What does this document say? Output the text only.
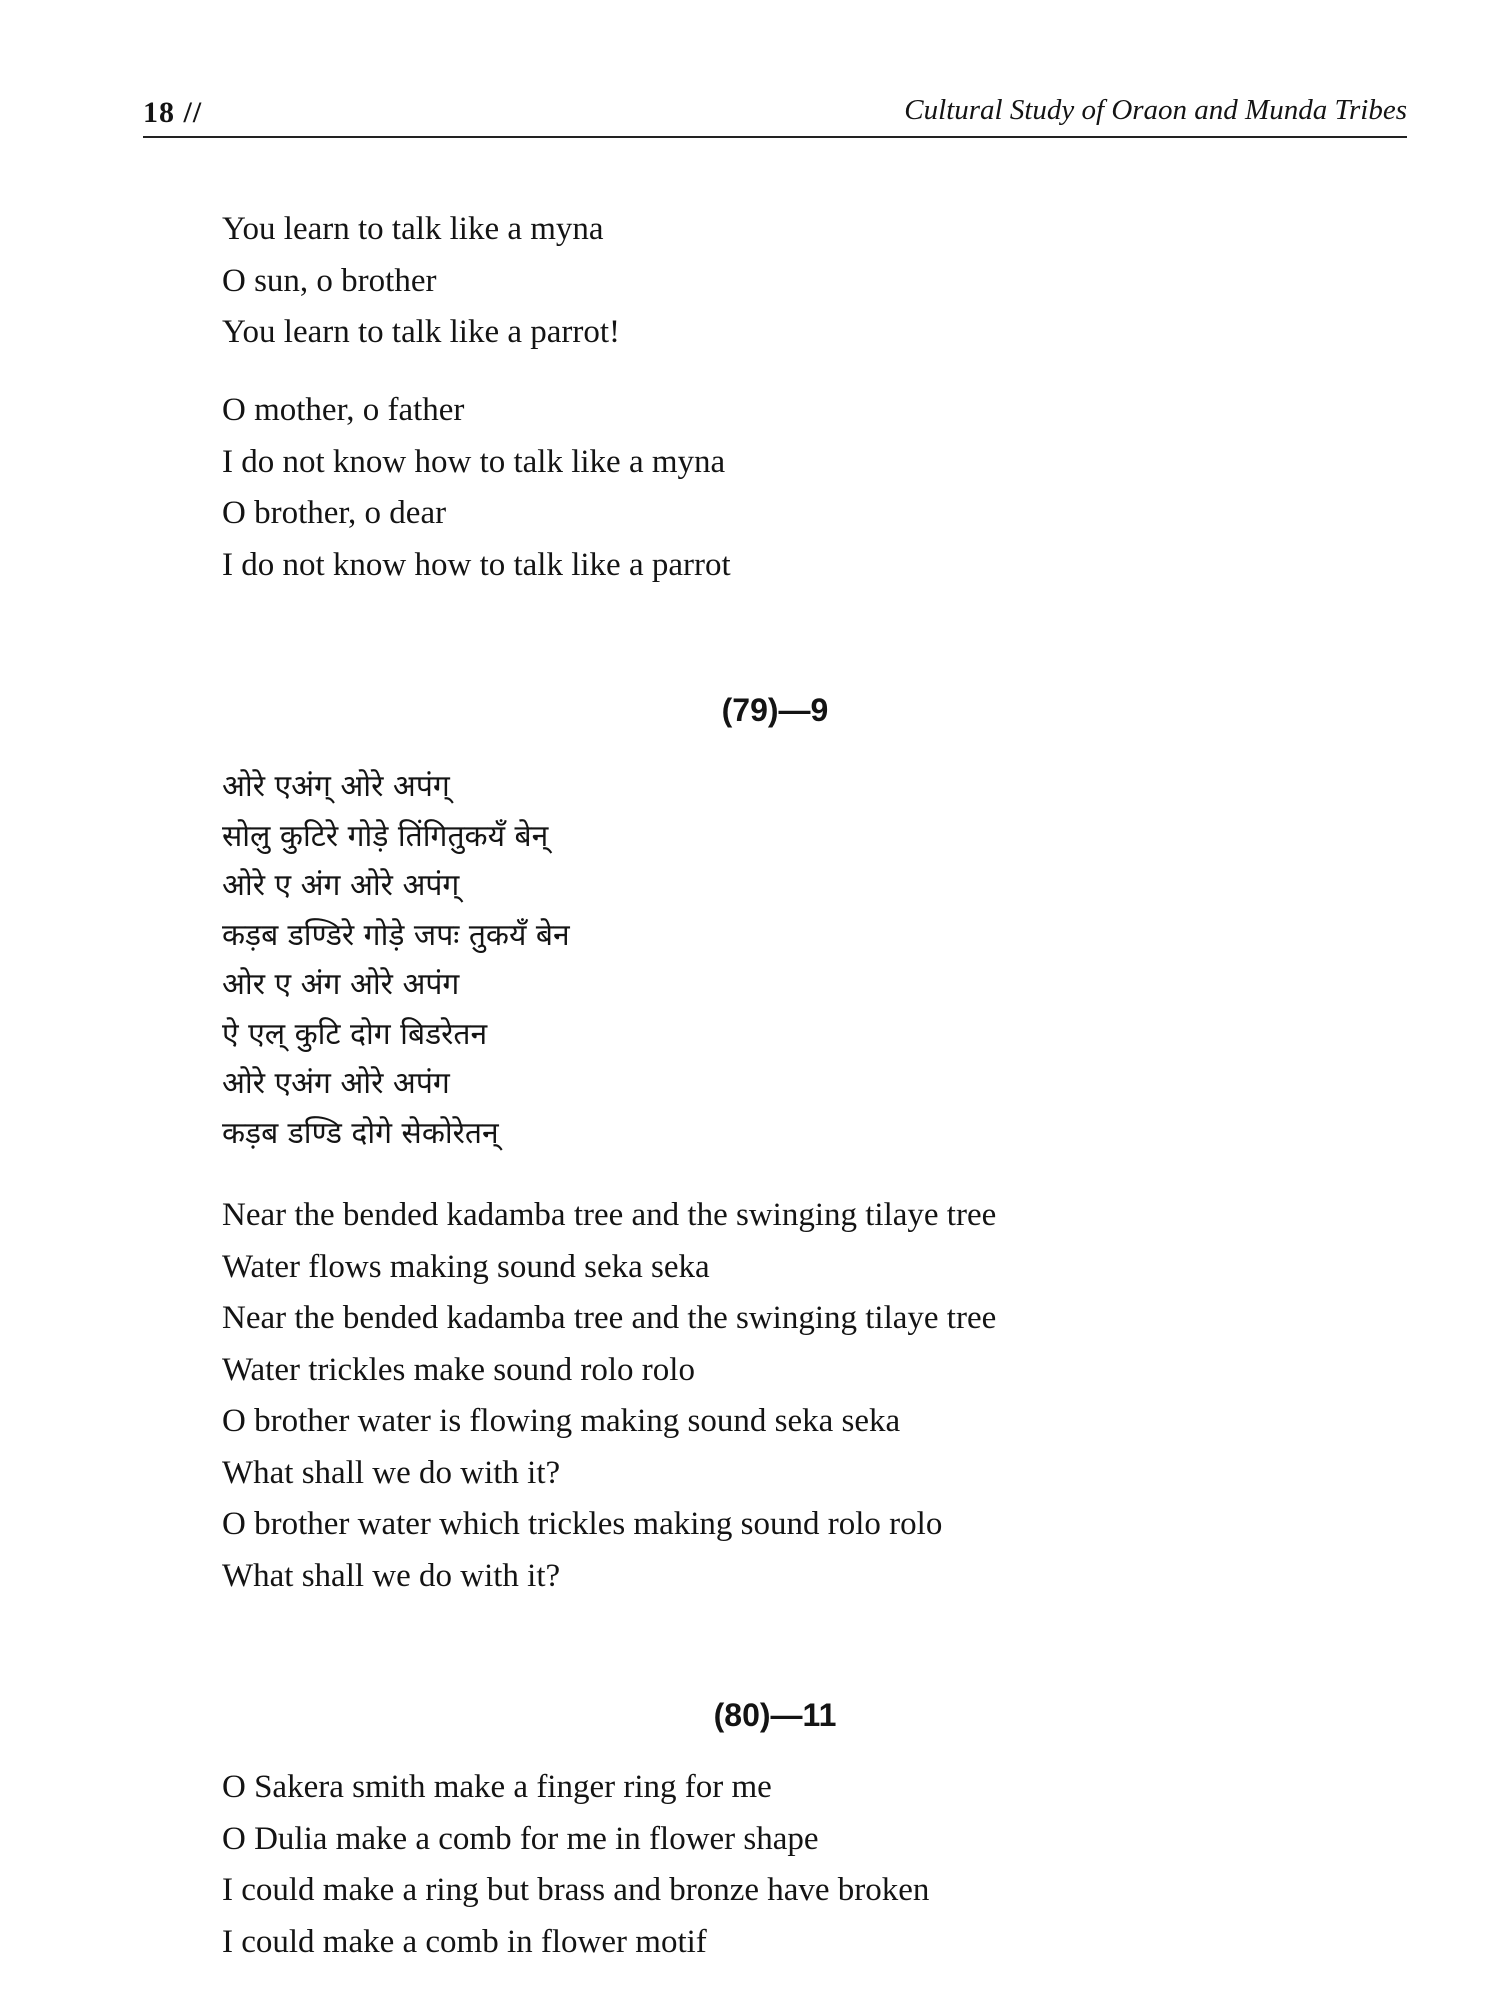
18 //	Cultural Study of Oraon and Munda Tribes
You learn to talk like a myna
O sun, o brother
You learn to talk like a parrot!
O mother, o father
I do not know how to talk like a myna
O brother, o dear
I do not know how to talk like a parrot
(79)—9
ओरे एअंग् ओरे अपंग्
सोलु कुटिरे गोड़े तिंगितुकयँ बेन्
ओरे ए अंग ओरे अपंग्
कड़ब डण्डिरे गोड़े जपः तुकयँ बेन
ओर ए अंग ओरे अपंग
ऐ एल् कुटि दोग बिडरेतन
ओरे एअंग ओरे अपंग
कड़ब डण्डि दोगे सेकोरेतन्
Near the bended kadamba tree and the swinging tilaye tree
Water flows making sound seka seka
Near the bended kadamba tree and the swinging tilaye tree
Water trickles make sound rolo rolo
O brother water is flowing making sound seka seka
What shall we do with it?
O brother water which trickles making sound rolo rolo
What shall we do with it?
(80)—11
O Sakera smith make a finger ring for me
O Dulia make a comb for me in flower shape
I could make a ring but brass and bronze have broken
I could make a comb in flower motif
